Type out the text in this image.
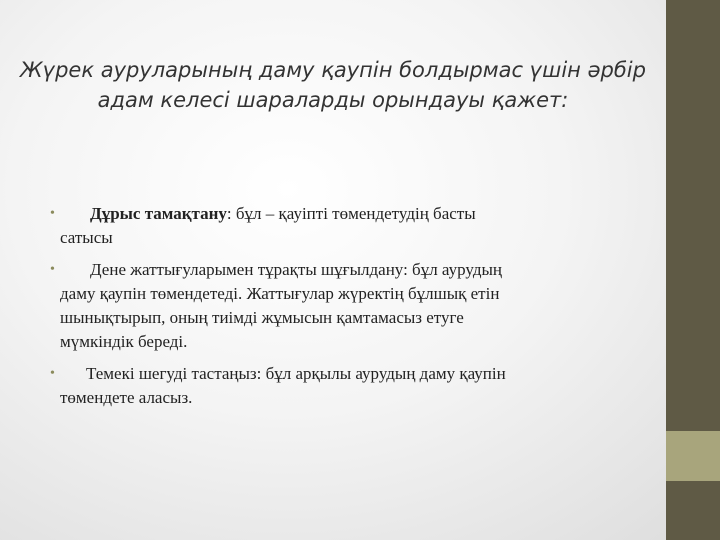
Жүрек ауруларының даму қаупін болдырмас үшін әрбір
адам келесі шараларды орындауы қажет:
•	Дұрыс тамақтану: бұл – қауіпті төмендетудің басты
сатысы
•	Дене жаттығуларымен тұрақты шұғылдану: бұл аурудың
даму қаупін төмендетеді. Жаттығулар жүректің бұлшық етін
шынықтырып, оның тиімді жұмысын қамтамасыз етуге
мүмкіндік береді.
•	Темекі шегуді тастаңыз: бұл арқылы аурудың даму қаупін
төмендете аласыз.
